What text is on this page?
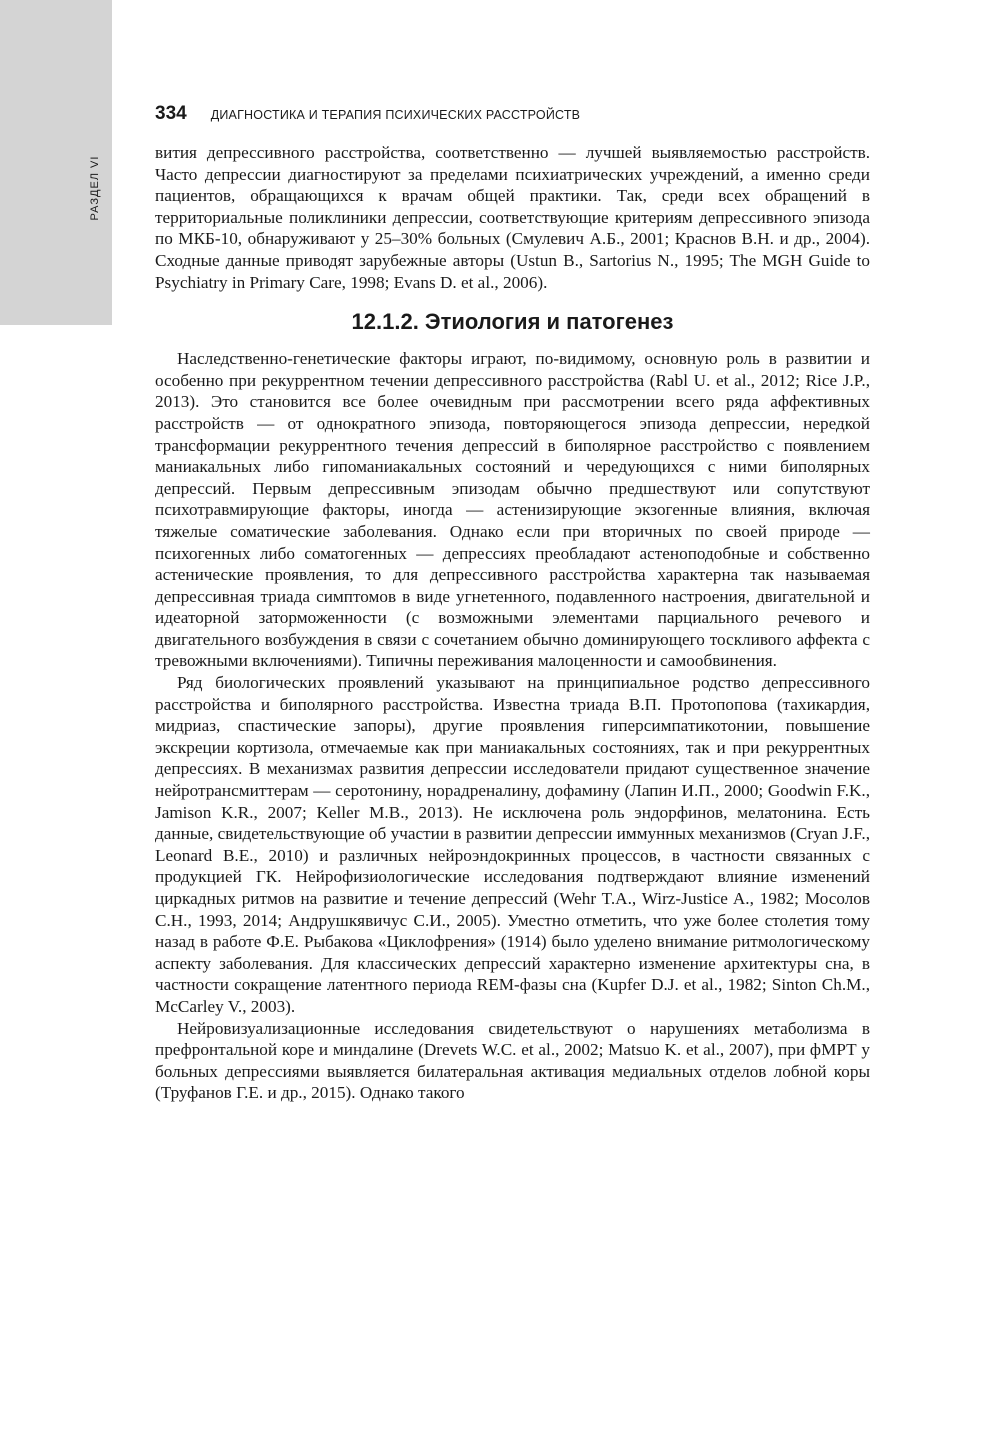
РАЗДЕЛ VI
334 ДИАГНОСТИКА И ТЕРАПИЯ ПСИХИЧЕСКИХ РАССТРОЙСТВ

вития депрессивного расстройства, соответственно — лучшей выявляемостью расстройств. Часто депрессии диагностируют за пределами психиатрических учреждений, а именно среди пациентов, обращающихся к врачам общей практики. Так, среди всех обращений в территориальные поликлиники депрессии, соответствующие критериям депрессивного эпизода по МКБ-10, обнаруживают у 25–30% больных (Смулевич А.Б., 2001; Краснов В.Н. и др., 2004). Сходные данные приводят зарубежные авторы (Ustun B., Sartorius N., 1995; The MGH Guide to Psychiatry in Primary Care, 1998; Evans D. et al., 2006).

12.1.2. Этиология и патогенез

Наследственно-генетические факторы играют, по-видимому, основную роль в развитии и особенно при рекуррентном течении депрессивного расстройства (Rabl U. et al., 2012; Rice J.P., 2013). Это становится все более очевидным при рассмотрении всего ряда аффективных расстройств — от однократного эпизода, повторяющегося эпизода депрессии, нередкой трансформации рекуррентного течения депрессий в биполярное расстройство с появлением маниакальных либо гипоманиакальных состояний и чередующихся с ними биполярных депрессий. Первым депрессивным эпизодам обычно предшествуют или сопутствуют психотравмирующие факторы, иногда — астенизирующие экзогенные влияния, включая тяжелые соматические заболевания. Однако если при вторичных по своей природе — психогенных либо соматогенных — депрессиях преобладают астеноподобные и собственно астенические проявления, то для депрессивного расстройства характерна так называемая депрессивная триада симптомов в виде угнетенного, подавленного настроения, двигательной и идеаторной заторможенности (с возможными элементами парциального речевого и двигательного возбуждения в связи с сочетанием обычно доминирующего тоскливого аффекта с тревожными включениями). Типичны переживания малоценности и самообвинения.

Ряд биологических проявлений указывают на принципиальное родство депрессивного расстройства и биполярного расстройства. Известна триада В.П. Протопопова (тахикардия, мидриаз, спастические запоры), другие проявления гиперсимпатикотонии, повышение экскреции кортизола, отмечаемые как при маниакальных состояниях, так и при рекуррентных депрессиях. В механизмах развития депрессии исследователи придают существенное значение нейротрансмиттерам — серотонину, норадреналину, дофамину (Лапин И.П., 2000; Goodwin F.K., Jamison K.R., 2007; Keller M.B., 2013). Не исключена роль эндорфинов, мелатонина. Есть данные, свидетельствующие об участии в развитии депрессии иммунных механизмов (Cryan J.F., Leonard B.E., 2010) и различных нейроэндокринных процессов, в частности связанных с продукцией ГК. Нейрофизиологические исследования подтверждают влияние изменений циркадных ритмов на развитие и течение депрессий (Wehr T.A., Wirz-Justice A., 1982; Мосолов С.Н., 1993, 2014; Андрушкявичус С.И., 2005). Уместно отметить, что уже более столетия тому назад в работе Ф.Е. Рыбакова «Циклофрения» (1914) было уделено внимание ритмологическому аспекту заболевания. Для классических депрессий характерно изменение архитектуры сна, в частности сокращение латентного периода REM-фазы сна (Kupfer D.J. et al., 1982; Sinton Ch.M., McCarley V., 2003).

Нейровизуализационные исследования свидетельствуют о нарушениях метаболизма в префронтальной коре и миндалине (Drevets W.C. et al., 2002; Matsuo K. et al., 2007), при фМРТ у больных депрессиями выявляется билатеральная активация медиальных отделов лобной коры (Труфанов Г.Е. и др., 2015). Однако такого
